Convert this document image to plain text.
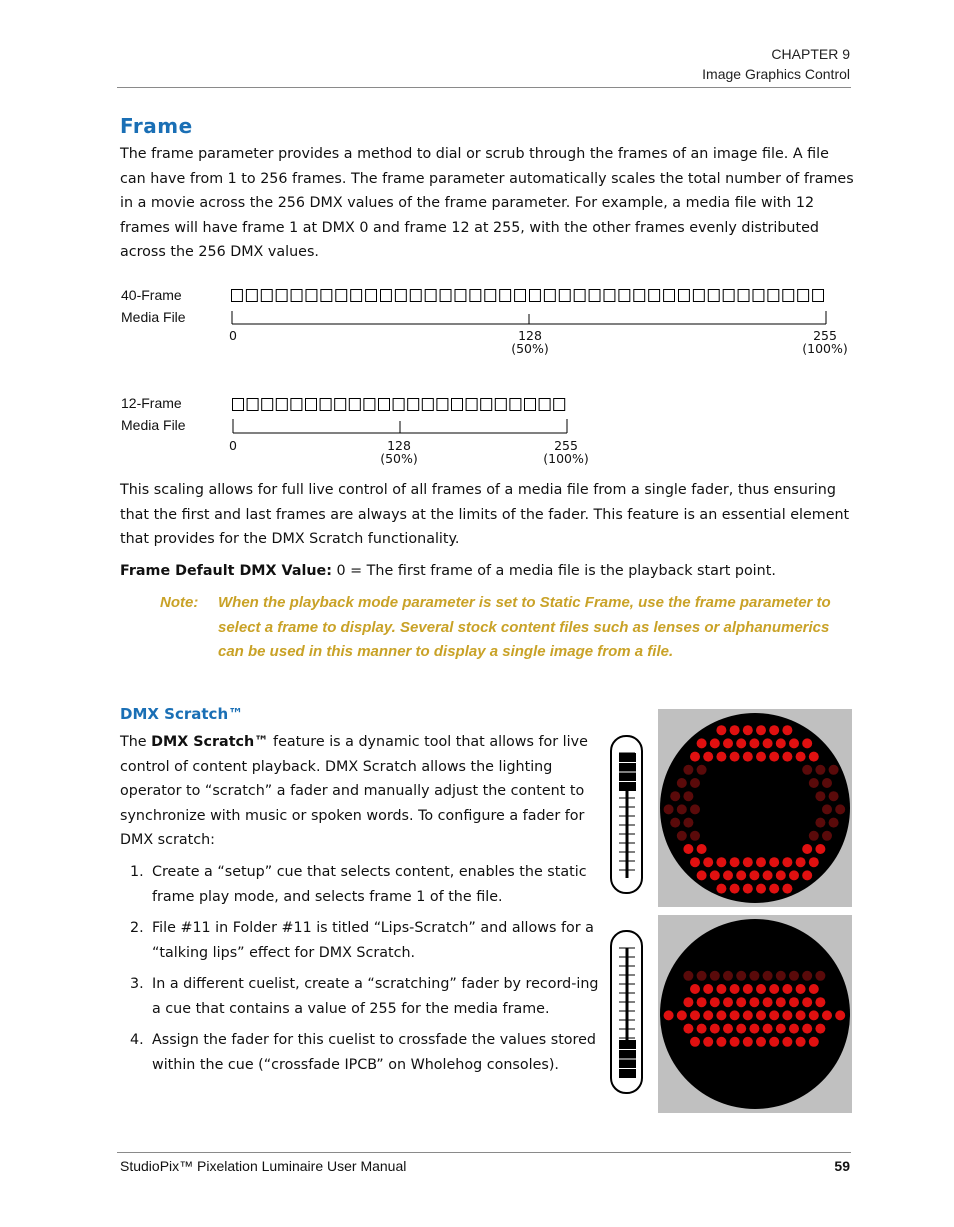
CHAPTER 9
Image Graphics Control
Frame
The frame parameter provides a method to dial or scrub through the frames of an image file. A file can have from 1 to 256 frames. The frame parameter automatically scales the total number of frames in a movie across the 256 DMX values of the frame parameter. For example, a media file with 12 frames will have frame 1 at DMX 0 and frame 12 at 255, with the other frames evenly distributed across the 256 DMX values.
40-Frame
Media File
0	128
(50%)
255
(100%)
12-Frame
Media File
0	128
(50%)
255
(100%)
This scaling allows for full live control of all frames of a media file from a single fader, thus ensuring that the first and last frames are always at the limits of the fader. This feature is an essential element that provides for the DMX Scratch functionality.
Frame Default DMX Value: 0 = The first frame of a media file is the playback start point.
Note: When the playback mode parameter is set to Static Frame, use the frame parameter to select a frame to display. Several stock content files such as lenses or alphanumerics can be used in this manner to display a single image from a file.
DMX Scratch™
The DMX Scratch™ feature is a dynamic tool that allows for live control of content playback. DMX Scratch allows the lighting operator to “scratch” a fader and manually adjust the content to synchronize with music or spoken words. To configure a fader for DMX scratch:
1. Create a “setup” cue that selects content, enables the static frame play mode, and selects frame 1 of the file.
2. File #11 in Folder #11 is titled “Lips-Scratch” and allows for a “talking lips” effect for DMX Scratch.
3. In a different cuelist, create a “scratching” fader by record-ing a cue that contains a value of 255 for the media frame.
4. Assign the fader for this cuelist to crossfade the values stored within the cue (“crossfade IPCB” on Wholehog consoles).
StudioPix™ Pixelation Luminaire User Manual	59
